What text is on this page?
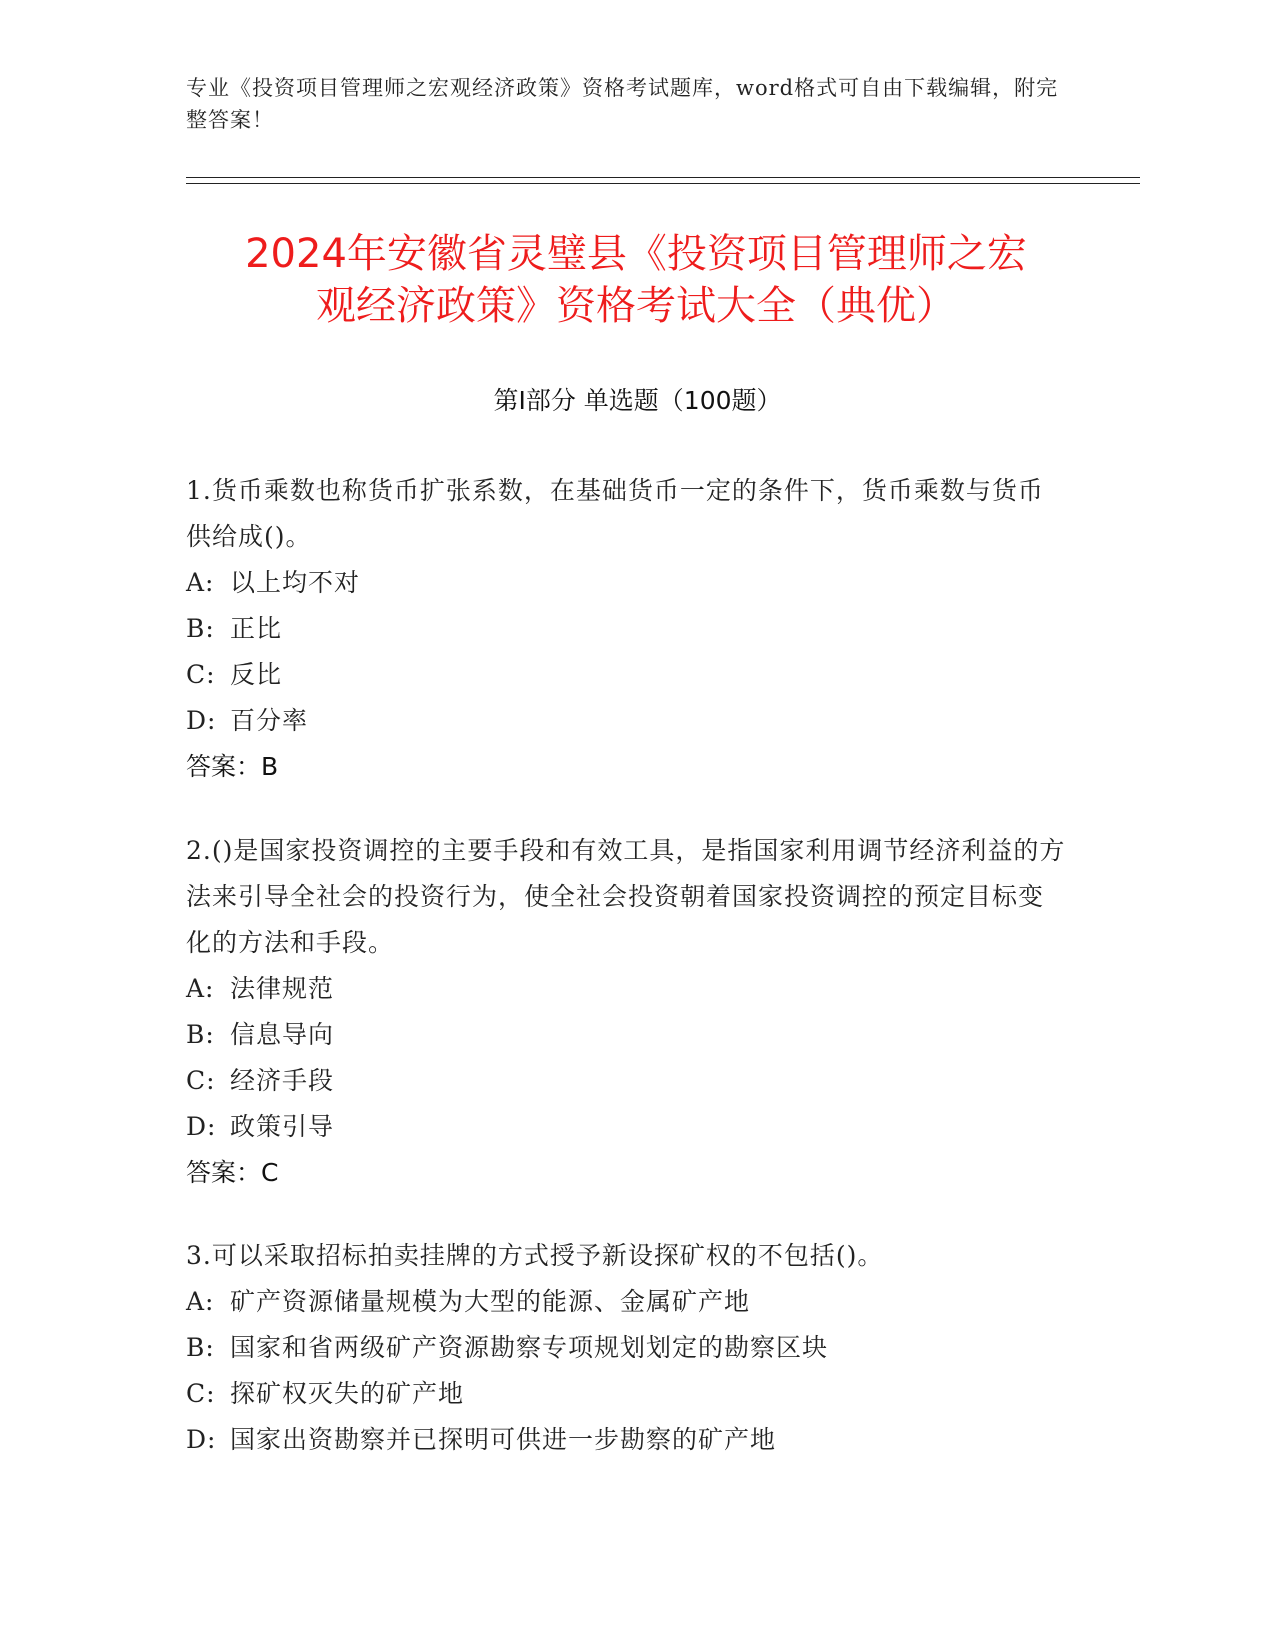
专业《投资项目管理师之宏观经济政策》资格考试题库，word格式可自由下载编辑，附完整答案！
2024年安徽省灵璧县《投资项目管理师之宏
观经济政策》资格考试大全（典优）
第I部分 单选题（100题）
1.货币乘数也称货币扩张系数，在基础货币一定的条件下，货币乘数与货币供给成()。
A: 以上均不对
B: 正比
C: 反比
D: 百分率
答案：B
2.()是国家投资调控的主要手段和有效工具，是指国家利用调节经济利益的方法来引导全社会的投资行为，使全社会投资朝着国家投资调控的预定目标变化的方法和手段。
A: 法律规范
B: 信息导向
C: 经济手段
D: 政策引导
答案：C
3.可以采取招标拍卖挂牌的方式授予新设探矿权的不包括()。
A: 矿产资源储量规模为大型的能源、金属矿产地
B: 国家和省两级矿产资源勘察专项规划划定的勘察区块
C: 探矿权灭失的矿产地
D: 国家出资勘察并已探明可供进一步勘察的矿产地
